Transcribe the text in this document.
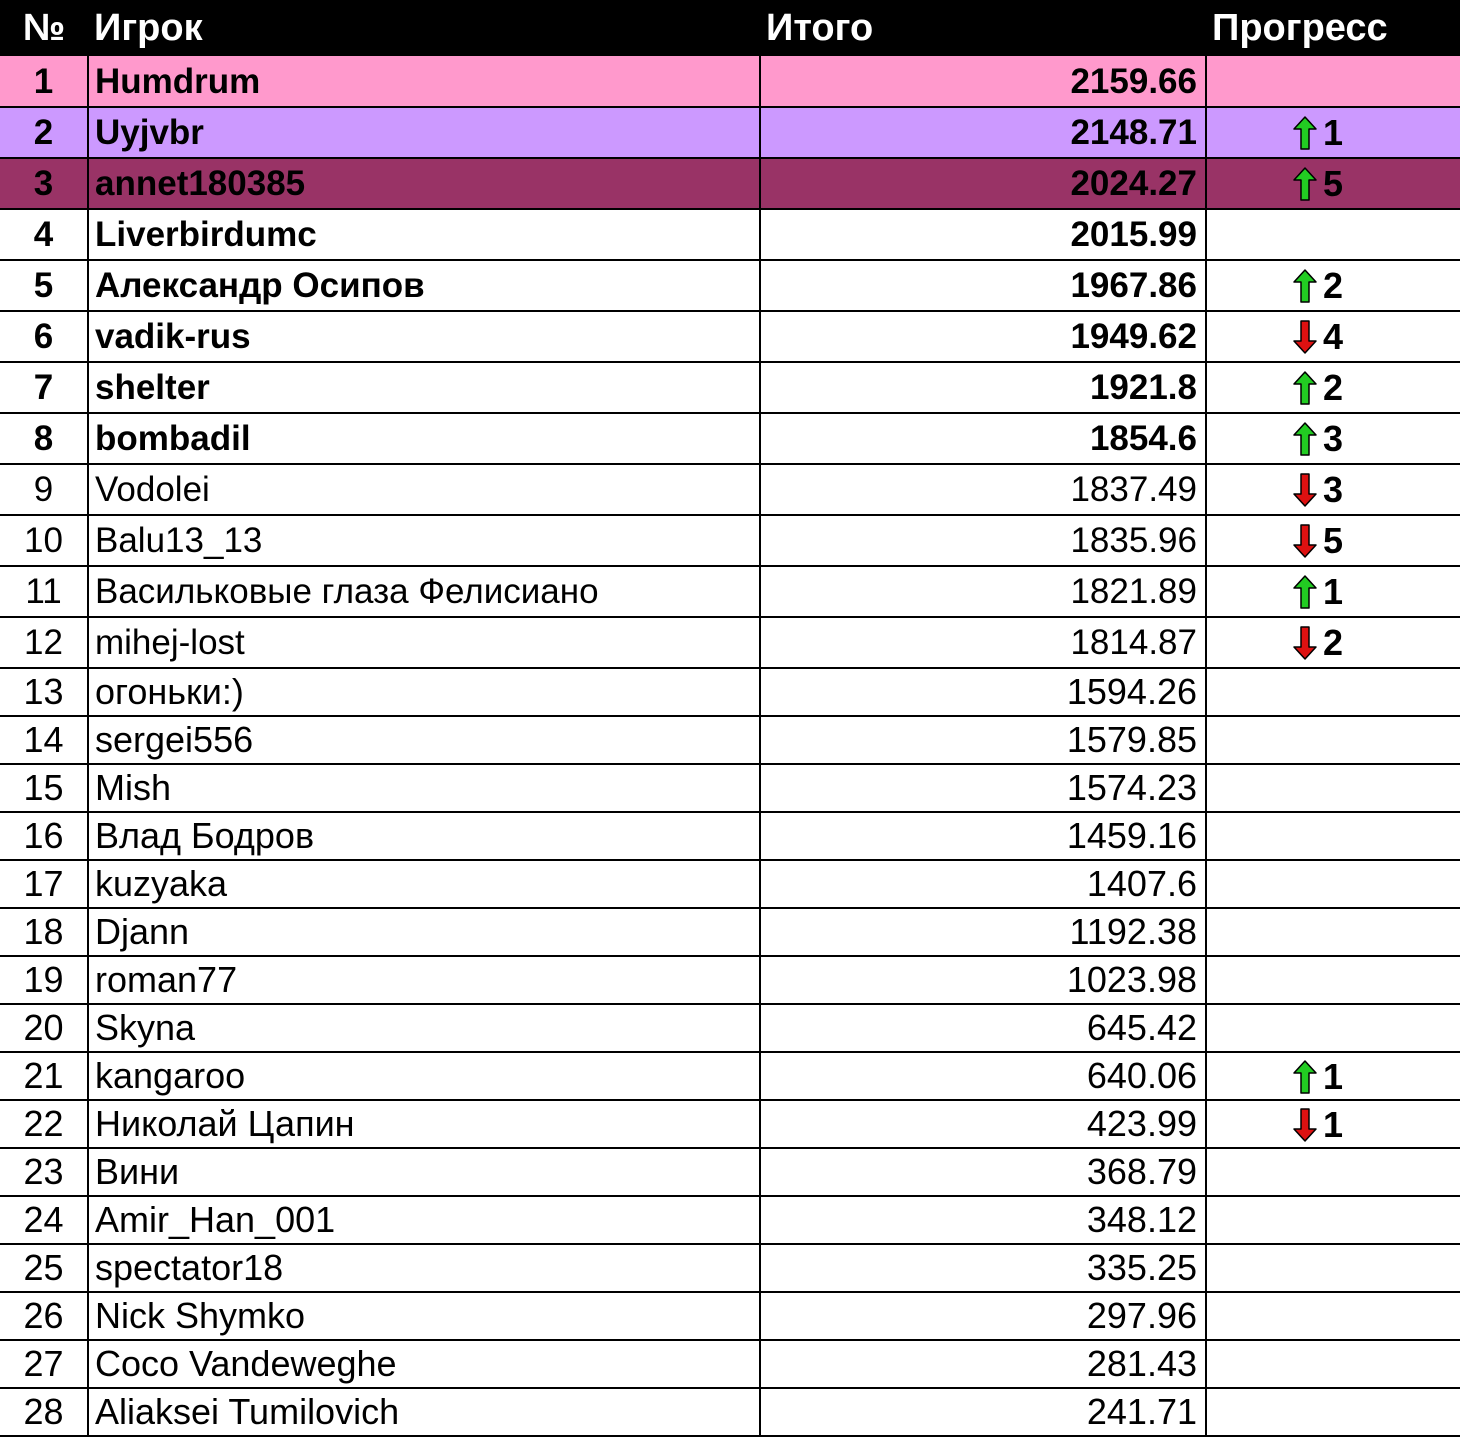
№	Игрок	Итого	Прогресс
1	Humdrum	2159.66	
2	Uyjvbr	2148.71	1
3	annet180385	2024.27	5
4	Liverbirdumc	2015.99	
5	Александр Осипов	1967.86	2
6	vadik-rus	1949.62	4
7	shelter	1921.8	2
8	bombadil	1854.6	3
9	Vodolei	1837.49	3
10	Balu13_13	1835.96	5
11	Васильковые глаза Фелисиано	1821.89	1
12	mihej-lost	1814.87	2
13	огоньки:)	1594.26	
14	sergei556	1579.85	
15	Mish	1574.23	
16	Влад Бодров	1459.16	
17	kuzyaka	1407.6	
18	Djann	1192.38	
19	roman77	1023.98	
20	Skyna	645.42	
21	kangaroo	640.06	1
22	Николай Цапин	423.99	1
23	Вини	368.79	
24	Amir_Han_001	348.12	
25	spectator18	335.25	
26	Nick Shymko	297.96	
27	Coco Vandeweghe	281.43	
28	Aliaksei Tumilovich	241.71	
